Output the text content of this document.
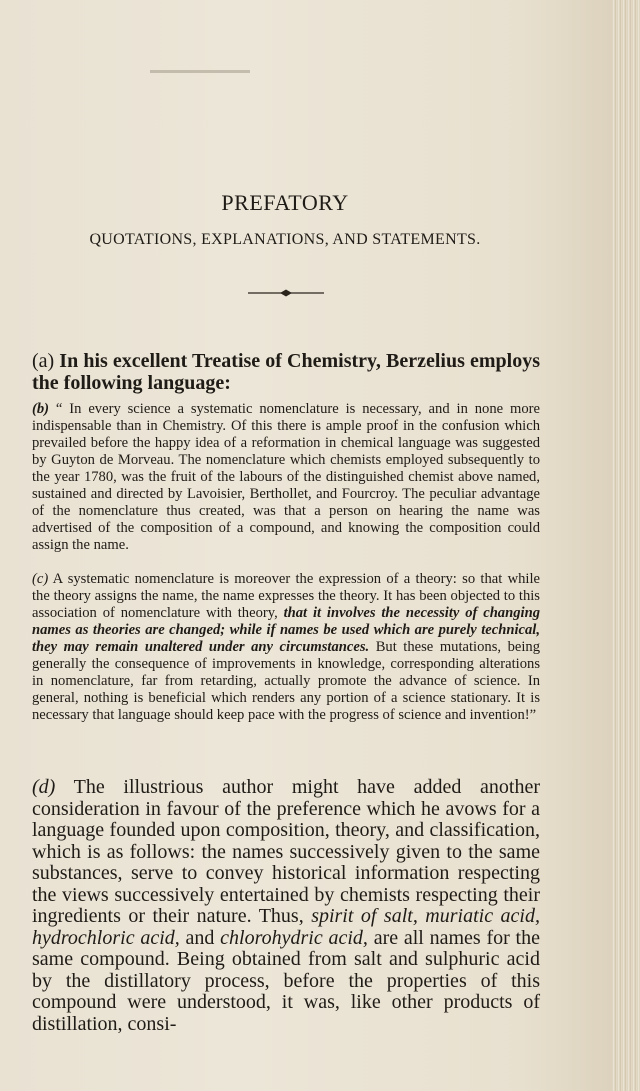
PREFATORY
QUOTATIONS, EXPLANATIONS, AND STATEMENTS.

(a) In his excellent Treatise of Chemistry, Berzelius employs the following language:

(b) “ In every science a systematic nomenclature is necessary, and in none more indispensable than in Chemistry. Of this there is ample proof in the confusion which prevailed before the happy idea of a reformation in chemical language was suggested by Guyton de Morveau. The nomenclature which chemists employed subsequently to the year 1780, was the fruit of the labours of the distinguished chemist above named, sustained and directed by Lavoisier, Berthollet, and Fourcroy. The peculiar advantage of the nomenclature thus created, was that a person on hearing the name was advertised of the composition of a compound, and knowing the composition could assign the name.

(c) A systematic nomenclature is moreover the expression of a theory: so that while the theory assigns the name, the name expresses the theory. It has been objected to this association of nomenclature with theory, that it involves the necessity of changing names as theories are changed; while if names be used which are purely technical, they may remain unaltered under any circumstances. But these mutations, being generally the consequence of improvements in knowledge, corresponding alterations in nomenclature, far from retarding, actually promote the advance of science. In general, nothing is beneficial which renders any portion of a science stationary. It is necessary that language should keep pace with the progress of science and invention!”

(d) The illustrious author might have added another consideration in favour of the preference which he avows for a language founded upon composition, theory, and classification, which is as follows: the names successively given to the same substances, serve to convey historical information respecting the views successively entertained by chemists respecting their ingredients or their nature. Thus, spirit of salt, muriatic acid, hydrochloric acid, and chlorohydric acid, are all names for the same compound. Being obtained from salt and sulphuric acid by the distillatory process, before the properties of this compound were understood, it was, like other products of distillation, consi-
